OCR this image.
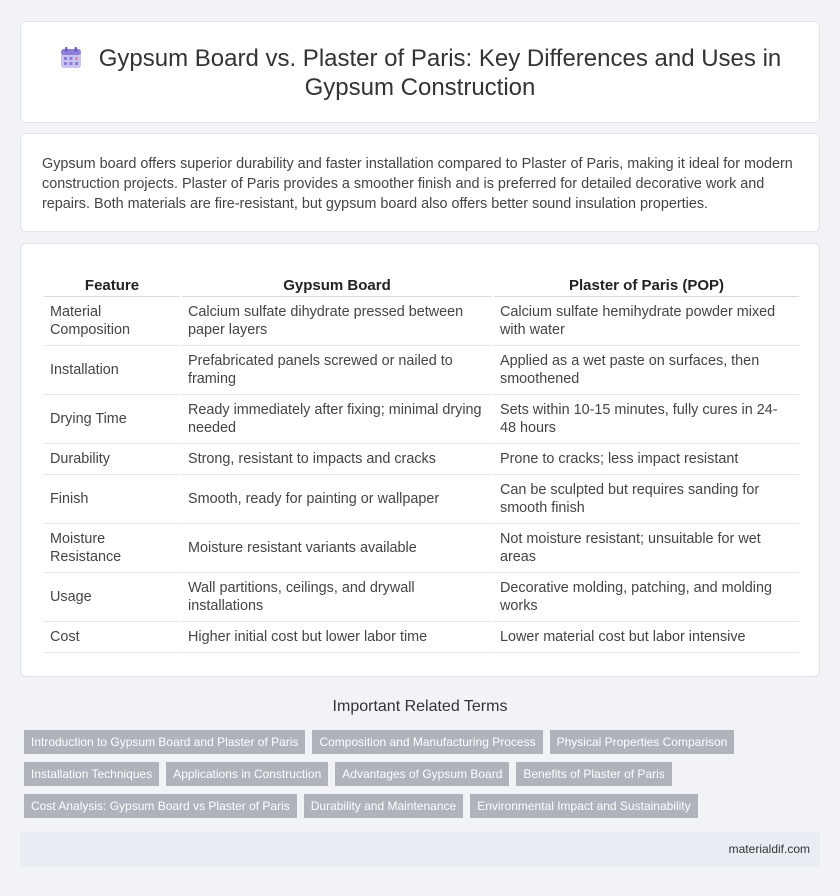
Gypsum Board vs. Plaster of Paris: Key Differences and Uses in Gypsum Construction

Gypsum board offers superior durability and faster installation compared to Plaster of Paris, making it ideal for modern construction projects. Plaster of Paris provides a smoother finish and is preferred for detailed decorative work and repairs. Both materials are fire-resistant, but gypsum board also offers better sound insulation properties.

Feature	Gypsum Board	Plaster of Paris (POP)
Material Composition	Calcium sulfate dihydrate pressed between paper layers	Calcium sulfate hemihydrate powder mixed with water
Installation	Prefabricated panels screwed or nailed to framing	Applied as a wet paste on surfaces, then smoothened
Drying Time	Ready immediately after fixing; minimal drying needed	Sets within 10-15 minutes, fully cures in 24-48 hours
Durability	Strong, resistant to impacts and cracks	Prone to cracks; less impact resistant
Finish	Smooth, ready for painting or wallpaper	Can be sculpted but requires sanding for smooth finish
Moisture Resistance	Moisture resistant variants available	Not moisture resistant; unsuitable for wet areas
Usage	Wall partitions, ceilings, and drywall installations	Decorative molding, patching, and molding works
Cost	Higher initial cost but lower labor time	Lower material cost but labor intensive
Important Related Terms
Introduction to Gypsum Board and Plaster of Paris	Composition and Manufacturing Process	Physical Properties Comparison
Installation Techniques	Applications in Construction	Advantages of Gypsum Board	Benefits of Plaster of Paris
Cost Analysis: Gypsum Board vs Plaster of Paris	Durability and Maintenance	Environmental Impact and Sustainability
materialdif.com
